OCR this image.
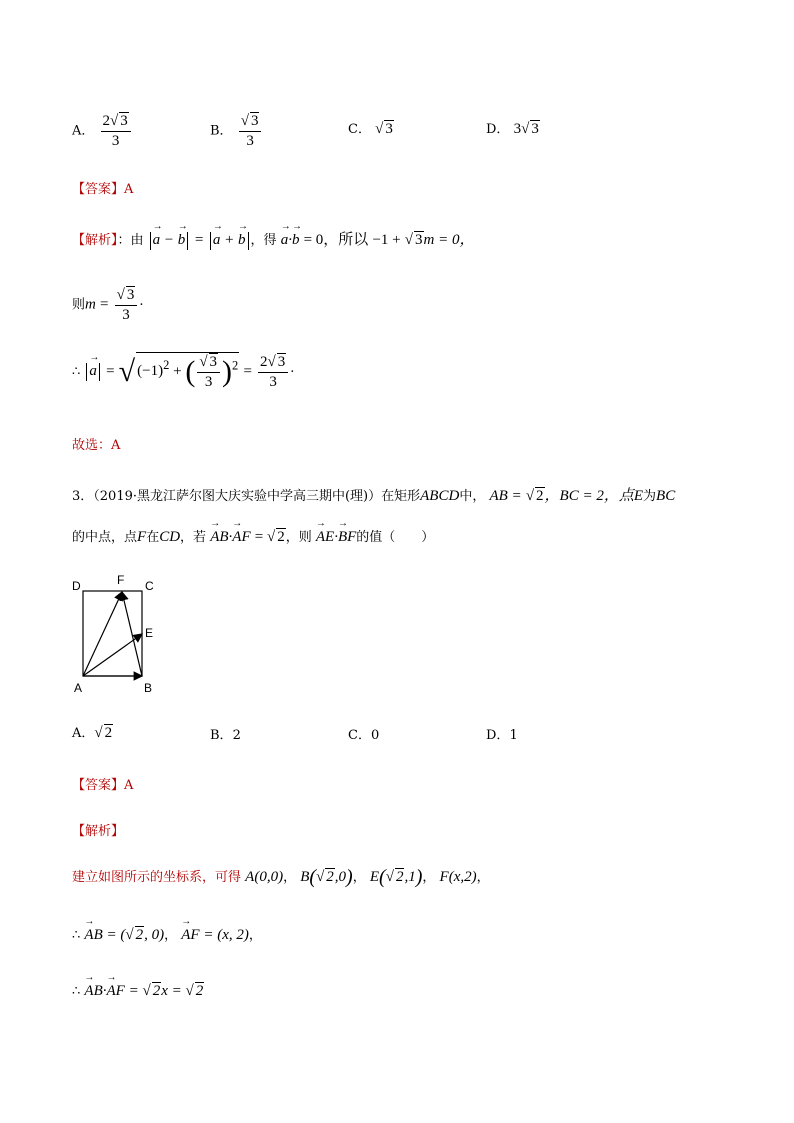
A． $\frac{2√ 3}{3}$	B． $\frac{√ 3}{3}$	C． √ 3	D． 3√ 3
【答案】A
【解析】：由 → a − → b = → a + → b ，得 → a·→ b = 0，所以 −1 + √ 3m = 0，
则$m = \frac{√ 3}{3}$ ·
∴ → a = √ $(-1)^2$ + ( $\frac{√ 3}{3} )^2 = \frac{2√ 3}{3}$ ·
故选：A
3．（2019·黑龙江萨尔图大庆实验中学高三期中(理)）在矩形ABCD中， AB = √ 2，BC = 2，点E为BC
的中点，点F在CD，若 → AB·→ AF = √ 2，则 → AE·→ BF的值（　　）
D	F C
E
A	B
A．√ 2	B．2	C．0	D．1
【答案】A
【解析】
建立如图所示的坐标系，可得 A(0,0)， B(√ 2,0)， E(√ 2,1)， F(x,2)，
∴ → AB = (√ 2, 0)， → AF = (x, 2)，
∴ → AB·→ AF = √ 2x = √ 2
